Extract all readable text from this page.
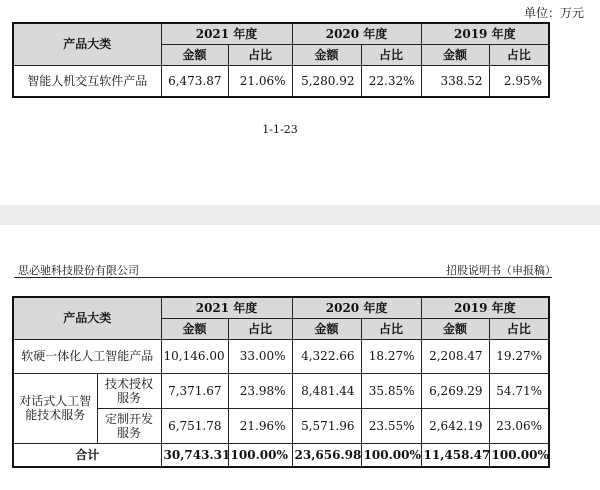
单位：万元
产品大类	2021 年度		2020 年度		2019 年度	
	金额	占比	金额	占比	金额	占比
智能人机交互软件产品	6,473.87	21.06%	5,280.92	22.32%	338.52	2.95%
1-1-23
思必驰科技股份有限公司	招股说明书（申报稿）
产品大类		2021 年度		2020 年度		2019 年度	
		金额	占比	金额	占比	金额	占比
软硬一体化人工智能产品		10,146.00	33.00%	4,322.66	18.27%	2,208.47	19.27%
对话式人工智能技术服务	技术授权服务	7,371.67	23.98%	8,481.44	35.85%	6,269.29	54.71%
	定制开发服务	6,751.78	21.96%	5,571.96	23.55%	2,642.19	23.06%
合计		30,743.31	100.00%	23,656.98	100.00%	11,458.47	100.00%
